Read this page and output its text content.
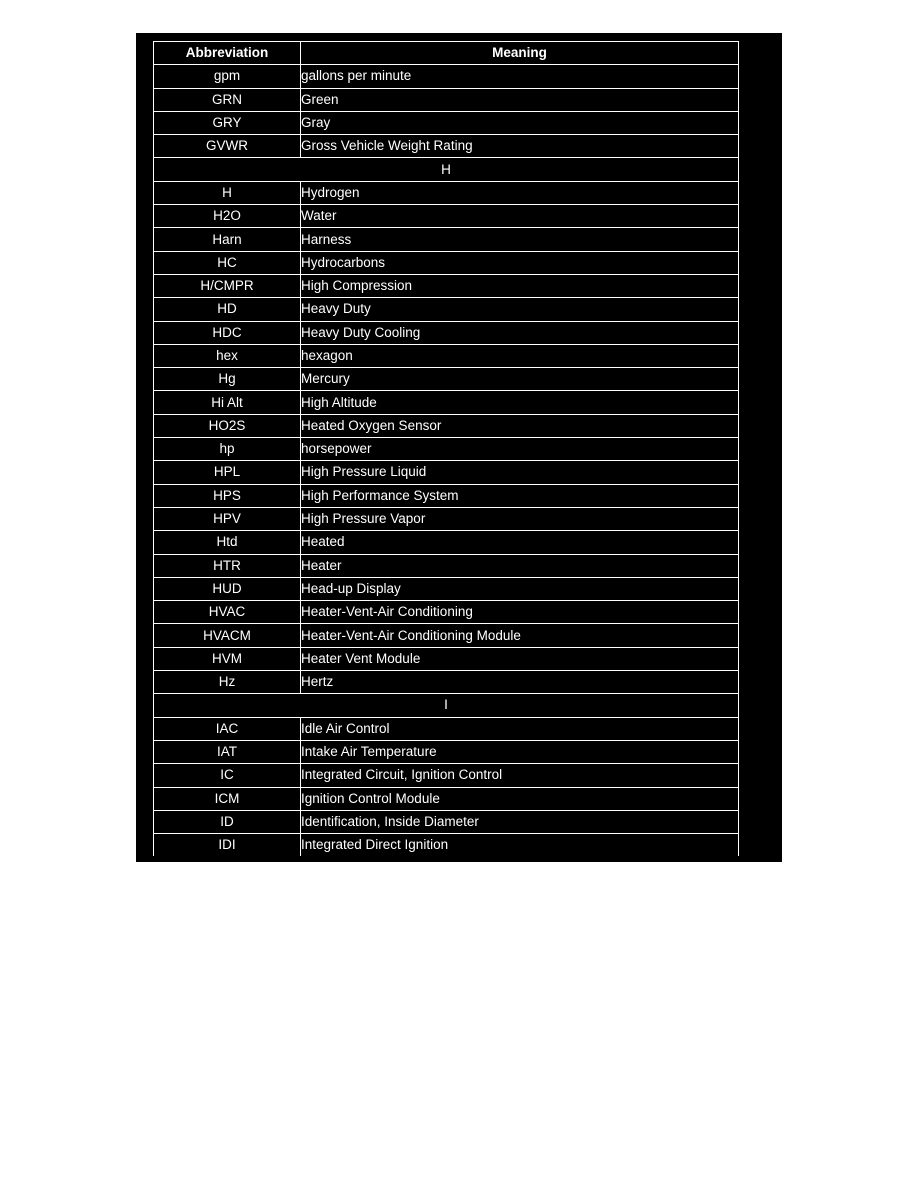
Abbreviation	Meaning
gpm	gallons per minute
GRN	Green
GRY	Gray
GVWR	Gross Vehicle Weight Rating
H	
H	Hydrogen
H2O	Water
Harn	Harness
HC	Hydrocarbons
H/CMPR	High Compression
HD	Heavy Duty
HDC	Heavy Duty Cooling
hex	hexagon
Hg	Mercury
Hi Alt	High Altitude
HO2S	Heated Oxygen Sensor
hp	horsepower
HPL	High Pressure Liquid
HPS	High Performance System
HPV	High Pressure Vapor
Htd	Heated
HTR	Heater
HUD	Head-up Display
HVAC	Heater-Vent-Air Conditioning
HVACM	Heater-Vent-Air Conditioning Module
HVM	Heater Vent Module
Hz	Hertz
I	
IAC	Idle Air Control
IAT	Intake Air Temperature
IC	Integrated Circuit, Ignition Control
ICM	Ignition Control Module
ID	Identification, Inside Diameter
IDI	Integrated Direct Ignition
